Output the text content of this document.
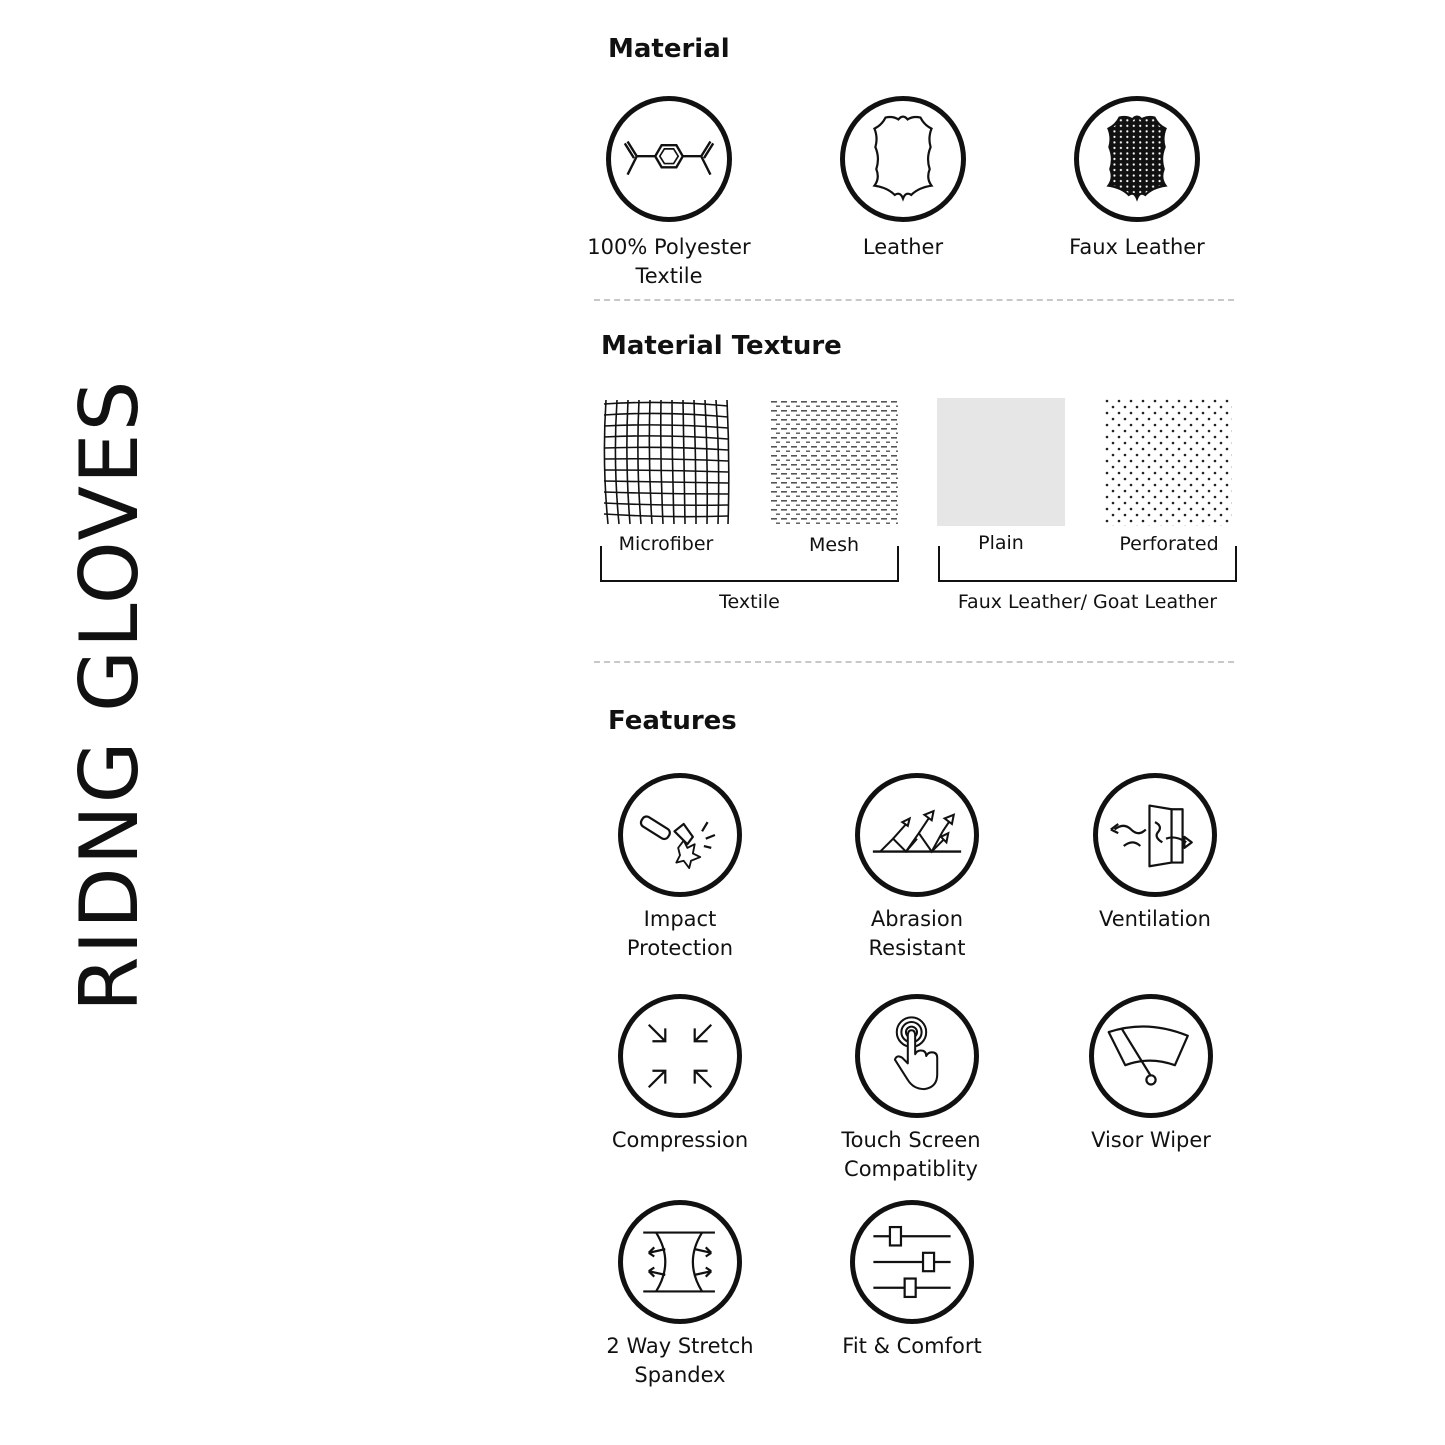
RIDNG GLOVES
Material
100% Polyester
Textile
Leather	Faux Leather
Material Texture
Microfiber	Mesh	Plain	Perforated
Textile	Faux Leather/ Goat Leather
Features
Impact
Protection
Abrasion
Resistant
Ventilation
Compression	Touch Screen
Compatiblity
Visor Wiper
2 Way Stretch
Spandex
Fit & Comfort
